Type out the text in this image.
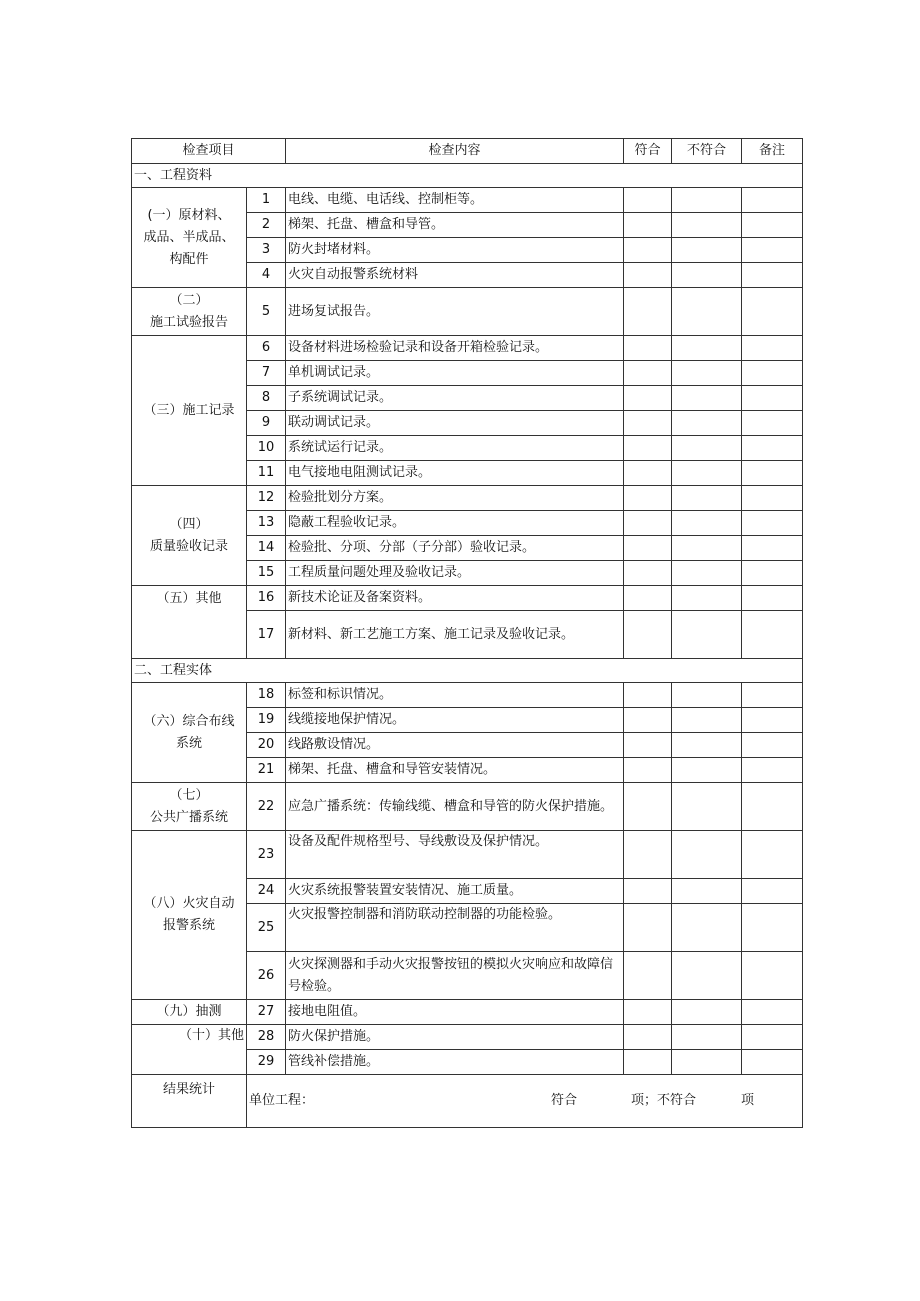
检查项目		检查内容	符合	不符合	备注
一、工程资料					

(一）原材料、
成品、半成品、
构配件	1	电线、电缆、电话线、控制柜等。			
	2	梯架、托盘、槽盒和导管。			
	3	防火封堵材料。			
	4	火灾自动报警系统材料			

（二）
施工试验报告	5	进场复试报告。			

（三）施工记录	6	设备材料进场检验记录和设备开箱检验记录。			
	7	单机调试记录。			
	8	子系统调试记录。			
	9	联动调试记录。			
	10	系统试运行记录。			
	11	电气接地电阻测试记录。			

（四）
质量验收记录	12	检验批划分方案。			
	13	隐蔽工程验收记录。			
	14	检验批、分项、分部（子分部）验收记录。			
	15	工程质量问题处理及验收记录。			

（五）其他	16	新技术论证及备案资料。			
	17	新材料、新工艺施工方案、施工记录及验收记录。			
二、工程实体					

（六）综合布线
系统	18	标签和标识情况。			
	19	线缆接地保护情况。			
	20	线路敷设情况。			
	21	梯架、托盘、槽盒和导管安装情况。			

（七）
公共广播系统	22	应急广播系统：传输线缆、槽盒和导管的防火保护措施。			

（八）火灾自动
报警系统	23	设备及配件规格型号、导线敷设及保护情况。			
	24	火灾系统报警装置安装情况、施工质量。			
	25	火灾报警控制器和消防联动控制器的功能检验。			
	26	火灾探测器和手动火灾报警按钮的模拟火灾响应和故障信号检验。			

（九）抽测	27	接地电阻值。			

（十）其他	28	防火保护措施。			
	29	管线补偿措施。			
结果统计	单位工程： 符合 项；不符合 项				
